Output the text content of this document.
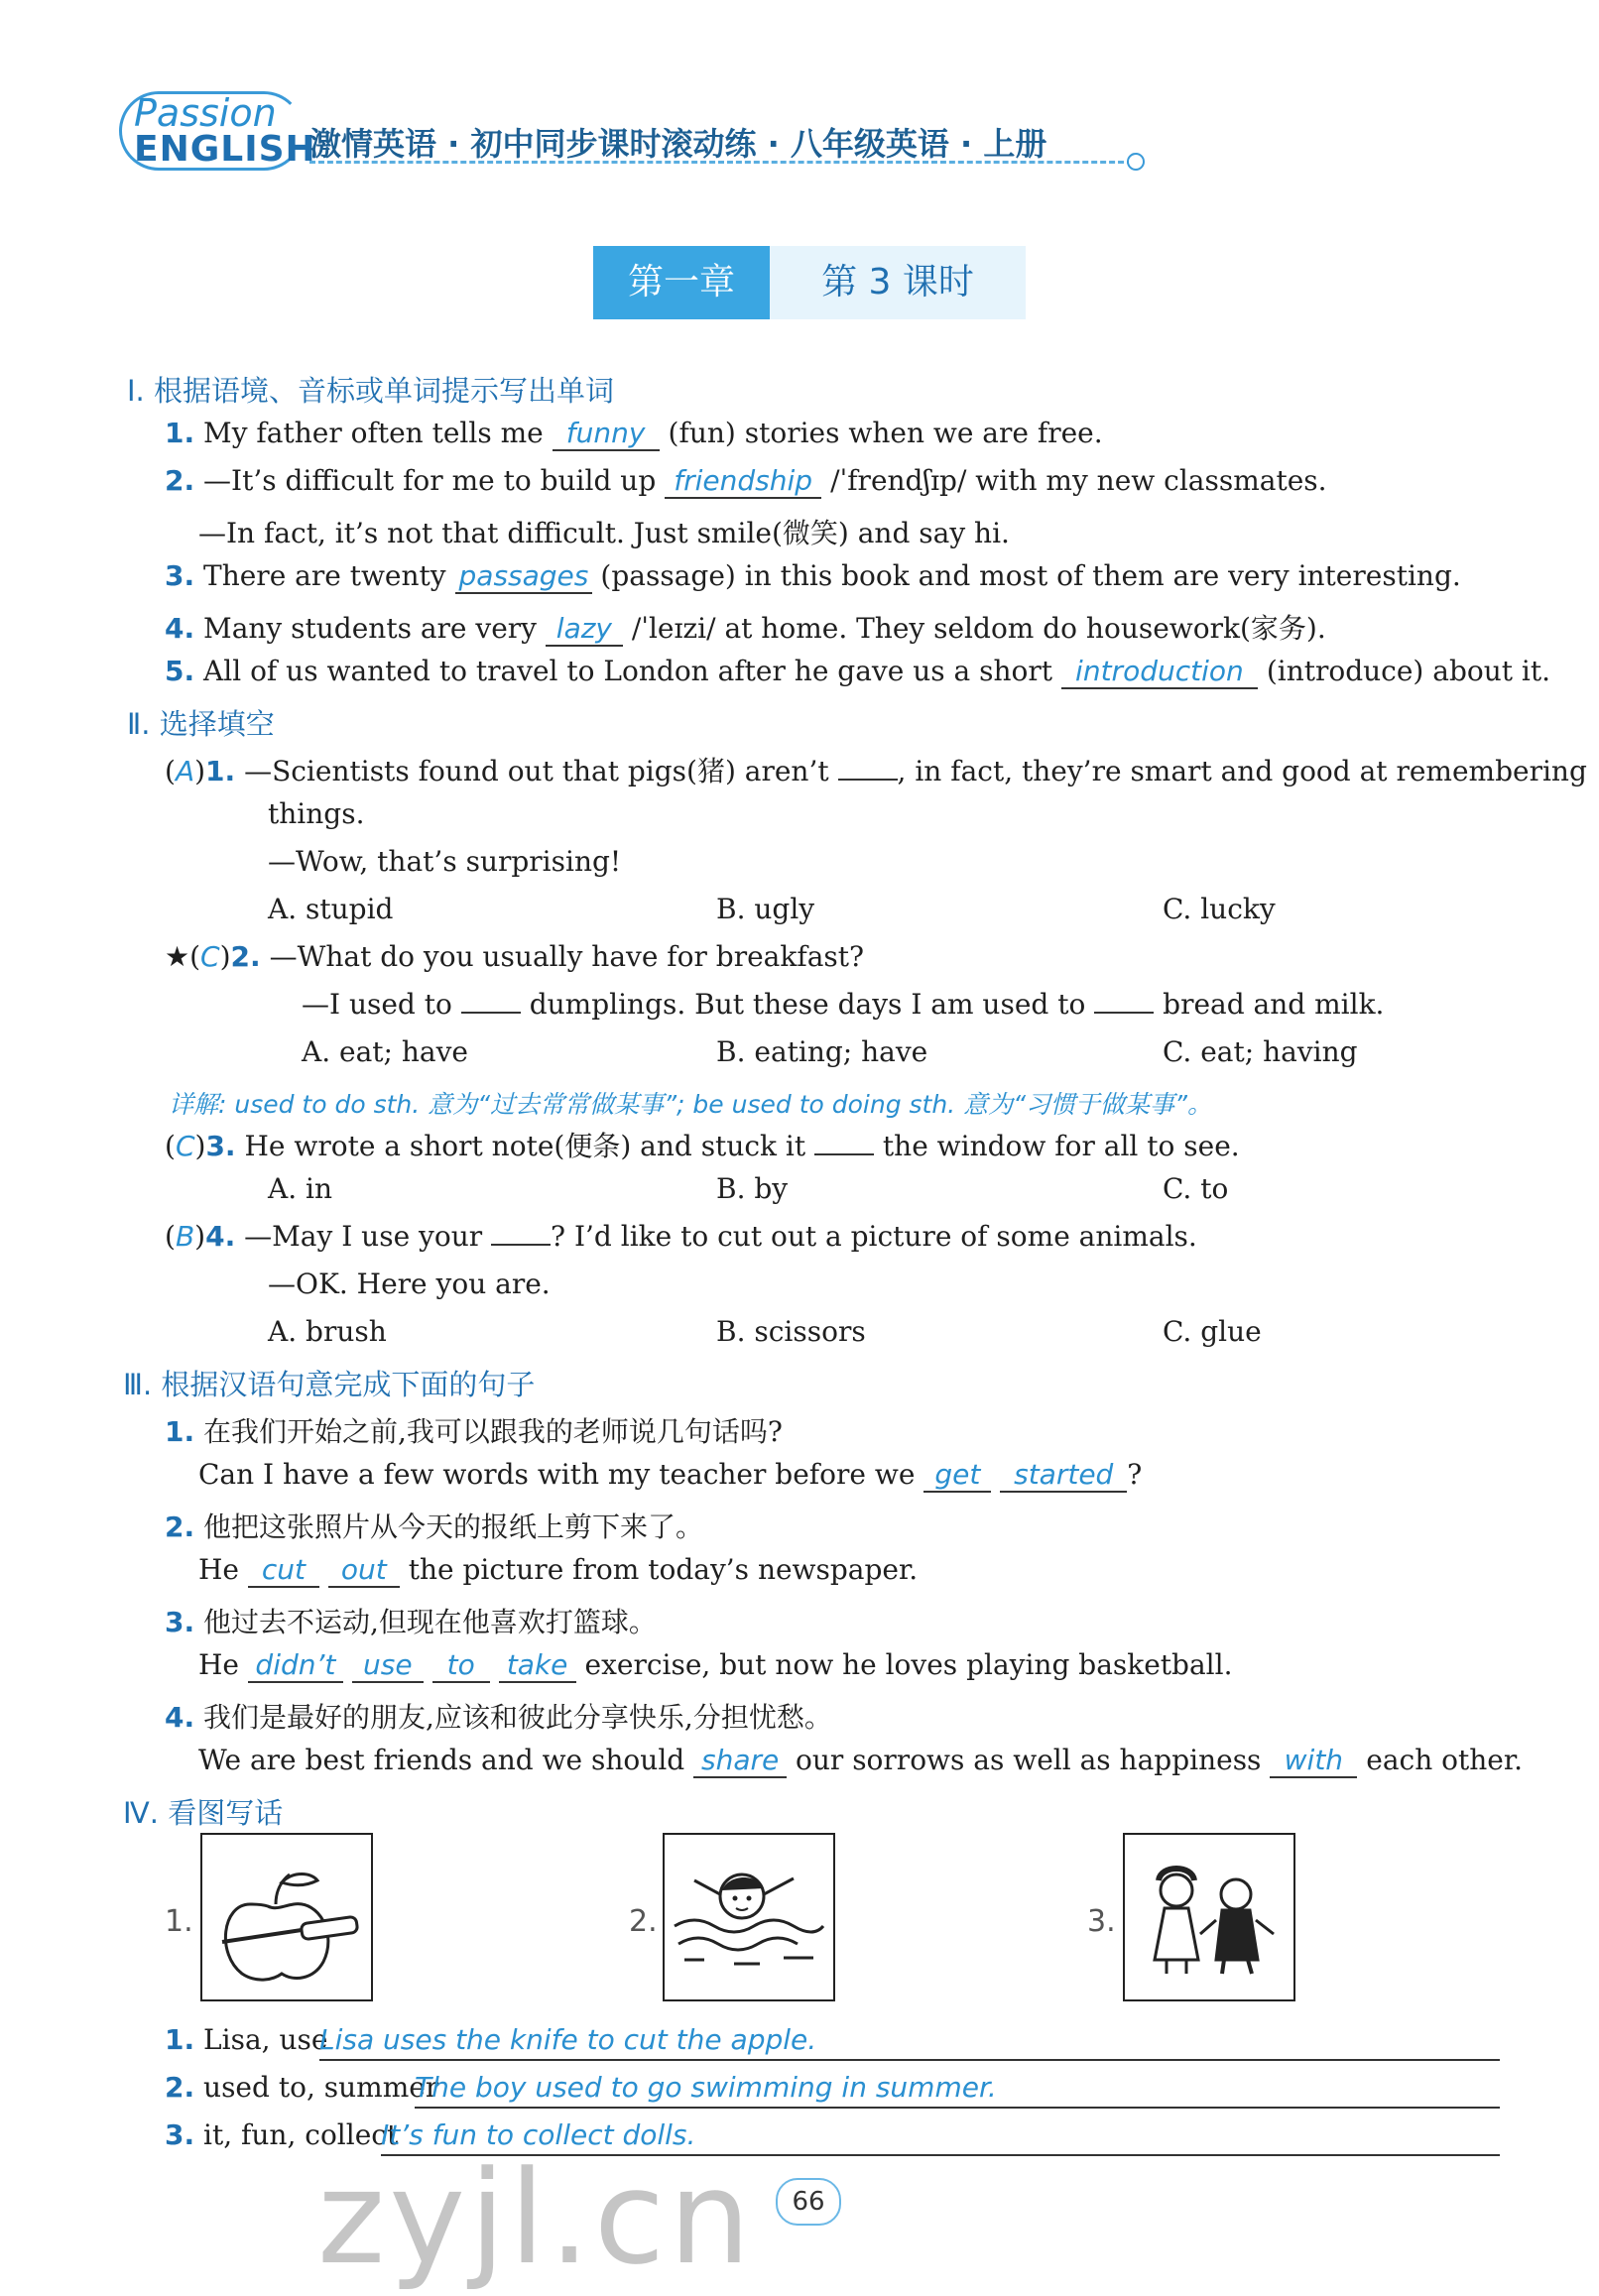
Passion
ENGLISH
激情英语 · 初中同步课时滚动练 · 八年级英语 · 上册
第一章	第 3 课时
Ⅰ. 根据语境、音标或单词提示写出单词
1. My father often tells me funny (fun) stories when we are free.
2. —It’s difficult for me to build up friendship /ˈfrendʃɪp/ with my new classmates.
—In fact, it’s not that difficult. Just smile(微笑) and say hi.
3. There are twenty passages (passage) in this book and most of them are very interesting.
4. Many students are very lazy /ˈleɪzi/ at home. They seldom do housework(家务).
5. All of us wanted to travel to London after he gave us a short introduction (introduce) about it.
Ⅱ. 选择填空
(A)1. —Scientists found out that pigs(猪) aren’t , in fact, they’re smart and good at remembering
things.
—Wow, that’s surprising!
A. stupid	B. ugly	C. lucky
★(C)2. —What do you usually have for breakfast?
—I used to	dumplings. But these days I am used to	bread and milk.
A. eat; have	B. eating; have	C. eat; having
详解: used to do sth. 意为“过去常常做某事”; be used to doing sth. 意为“习惯于做某事”。
(C)3. He wrote a short note(便条) and stuck it	the window for all to see.
A. in	B. by	C. to
(B)4. —May I use your ? I’d like to cut out a picture of some animals.
—OK. Here you are.
A. brush	B. scissors	C. glue
Ⅲ. 根据汉语句意完成下面的句子
1. 在我们开始之前,我可以跟我的老师说几句话吗?
Can I have a few words with my teacher before we get started ?
2. 他把这张照片从今天的报纸上剪下来了。
He cut out the picture from today’s newspaper.
3. 他过去不运动,但现在他喜欢打篮球。
He didn’t use to take exercise, but now he loves playing basketball.
4. 我们是最好的朋友,应该和彼此分享快乐,分担忧愁。
We are best friends and we should share our sorrows as well as happiness with each other.
Ⅳ. 看图写话
1.	2.	3.
1. Lisa, use
Lisa uses the knife to cut the apple.
2. used to, summer
The boy used to go swimming in summer.
3. it, fun, collect
It’s fun to collect dolls.
zyjl.cn	66
